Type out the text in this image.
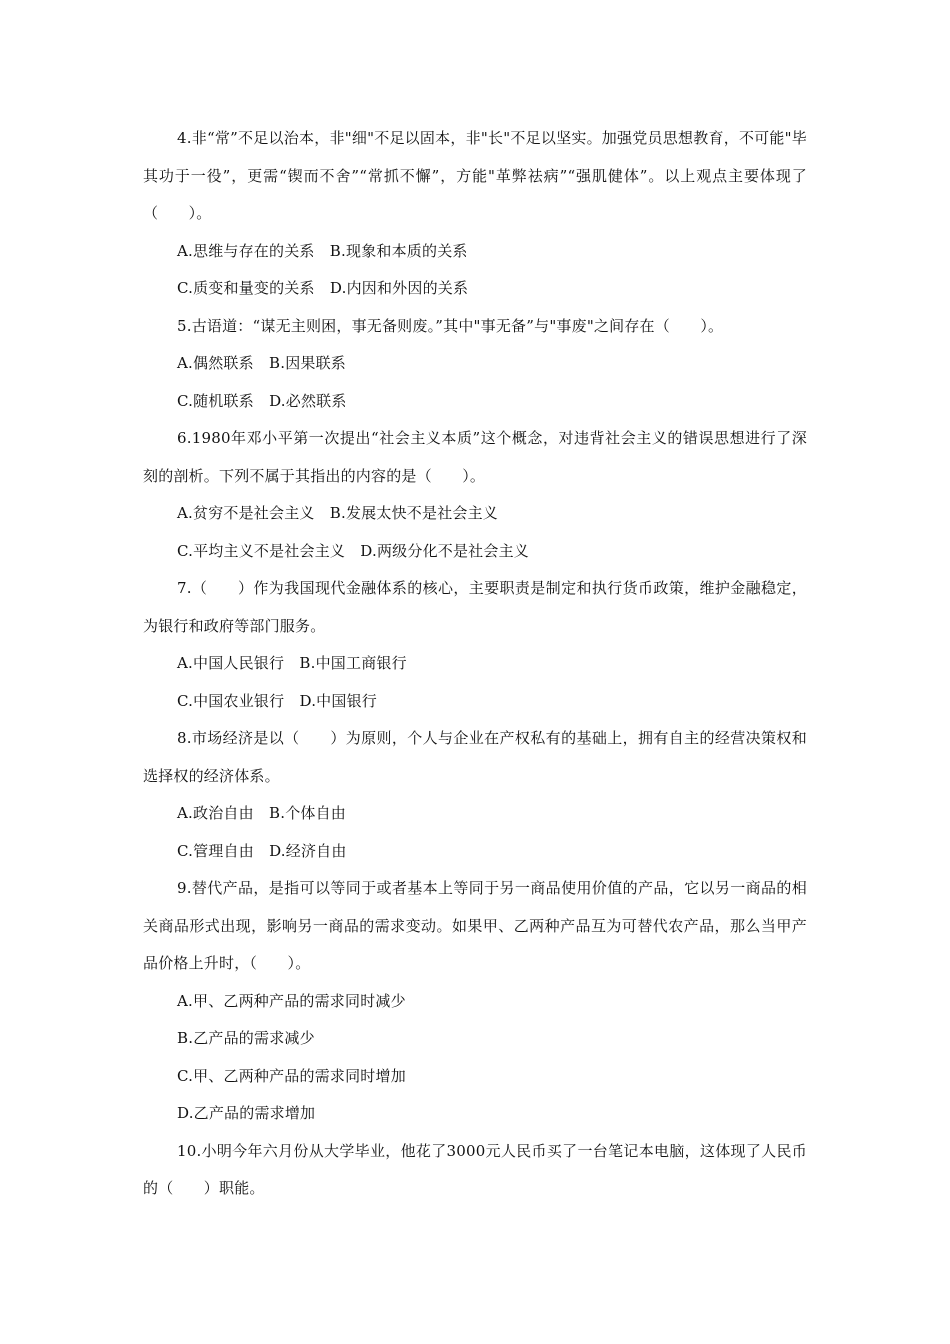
4.非“常”不足以治本，非"细"不足以固本，非"长"不足以坚实。加强党员思想教育，不可能"毕其功于一役”，更需“锲而不舍”“常抓不懈”，方能"革弊祛病”“强肌健体”。以上观点主要体现了（　　）。

A.思维与存在的关系　B.现象和本质的关系

C.质变和量变的关系　D.内因和外因的关系

5.古语道：“谋无主则困，事无备则废。”其中"事无备”与"事废"之间存在（　　）。

A.偶然联系　B.因果联系

C.随机联系　D.必然联系

6.1980年邓小平第一次提出“社会主义本质”这个概念，对违背社会主义的错误思想进行了深刻的剖析。下列不属于其指出的内容的是（　　）。

A.贫穷不是社会主义　B.发展太快不是社会主义

C.平均主义不是社会主义　D.两级分化不是社会主义

7.（　　）作为我国现代金融体系的核心，主要职责是制定和执行货币政策，维护金融稳定，为银行和政府等部门服务。

A.中国人民银行　B.中国工商银行

C.中国农业银行　D.中国银行

8.市场经济是以（　　）为原则，个人与企业在产权私有的基础上，拥有自主的经营决策权和选择权的经济体系。

A.政治自由　B.个体自由

C.管理自由　D.经济自由

9.替代产品，是指可以等同于或者基本上等同于另一商品使用价值的产品，它以另一商品的相关商品形式出现，影响另一商品的需求变动。如果甲、乙两种产品互为可替代农产品，那么当甲产品价格上升时，（　　）。

A.甲、乙两种产品的需求同时减少

B.乙产品的需求减少

C.甲、乙两种产品的需求同时增加

D.乙产品的需求增加

10.小明今年六月份从大学毕业，他花了3000元人民币买了一台笔记本电脑，这体现了人民币的（　　）职能。
